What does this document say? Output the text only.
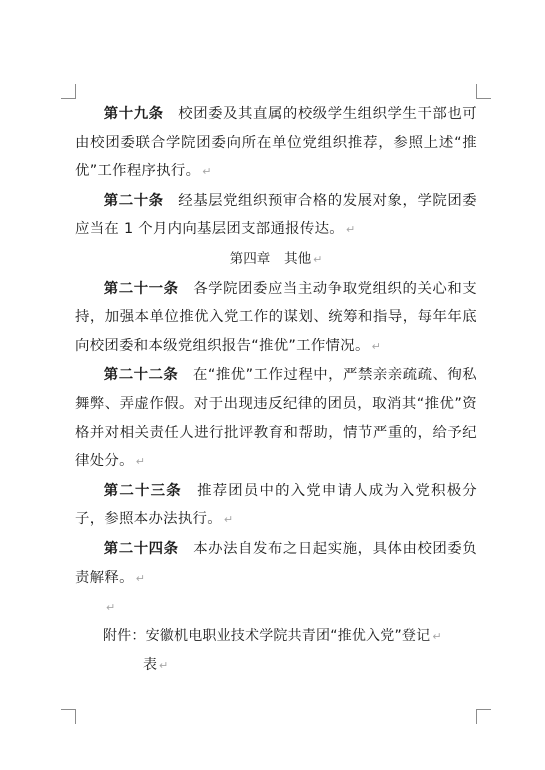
第十九条 校团委及其直属的校级学生组织学生干部也可由校团委联合学院团委向所在单位党组织推荐，参照上述“推优”工作程序执行。 ↵

第二十条 经基层党组织预审合格的发展对象，学院团委应当在 1 个月内向基层团支部通报传达。 ↵

第四章　其他 ↵

第二十一条 各学院团委应当主动争取党组织的关心和支持，加强本单位推优入党工作的谋划、统筹和指导，每年年底向校团委和本级党组织报告“推优”工作情况。 ↵

第二十二条 在“推优”工作过程中，严禁亲亲疏疏、徇私舞弊、弄虚作假。对于出现违反纪律的团员，取消其“推优”资格并对相关责任人进行批评教育和帮助，情节严重的，给予纪律处分。 ↵

第二十三条 推荐团员中的入党申请人成为入党积极分子，参照本办法执行。 ↵

第二十四条 本办法自发布之日起实施，具体由校团委负责解释。 ↵

↵

附件：安徽机电职业技术学院共青团“推优入党”登记 ↵

表 ↵
